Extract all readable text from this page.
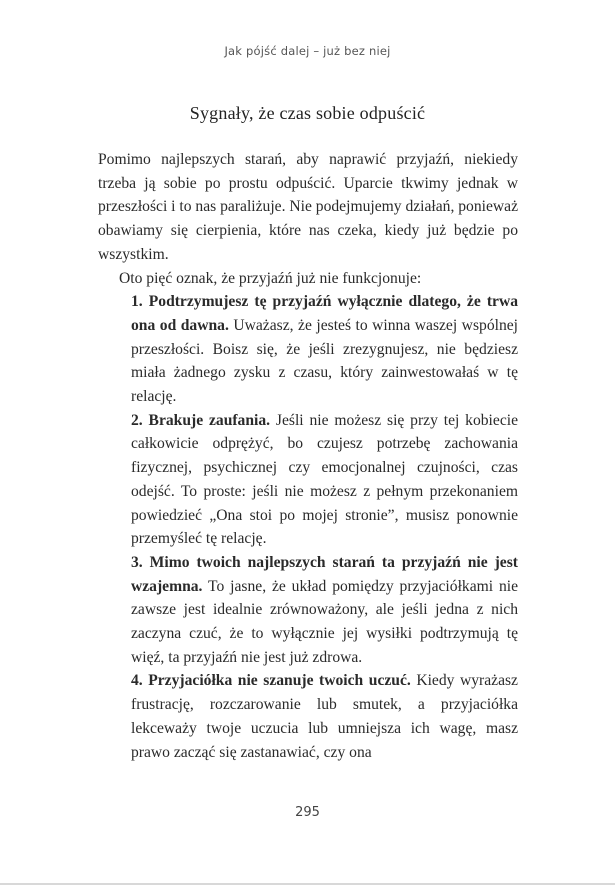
Jak pójść dalej – już bez niej
Sygnały, że czas sobie odpuścić

Pomimo najlepszych starań, aby naprawić przyjaźń, niekiedy trzeba ją sobie po prostu odpuścić. Uparcie tkwimy jednak w przeszłości i to nas paraliżuje. Nie podejmujemy działań, ponieważ obawiamy się cierpienia, które nas czeka, kiedy już będzie po wszystkim.

Oto pięć oznak, że przyjaźń już nie funkcjonuje:

1. Podtrzymujesz tę przyjaźń wyłącznie dlatego, że trwa ona od dawna. Uważasz, że jesteś to winna waszej wspólnej przeszłości. Boisz się, że jeśli zrezygnujesz, nie będziesz miała żadnego zysku z czasu, który zainwestowałaś w tę relację.

2. Brakuje zaufania. Jeśli nie możesz się przy tej kobiecie całkowicie odprężyć, bo czujesz potrzebę zachowania fizycznej, psychicznej czy emocjonalnej czujności, czas odejść. To proste: jeśli nie możesz z pełnym przekonaniem powiedzieć „Ona stoi po mojej stronie”, musisz ponownie przemyśleć tę relację.

3. Mimo twoich najlepszych starań ta przyjaźń nie jest wzajemna. To jasne, że układ pomiędzy przyjaciółkami nie zawsze jest idealnie zrównoważony, ale jeśli jedna z nich zaczyna czuć, że to wyłącznie jej wysiłki podtrzymują tę więź, ta przyjaźń nie jest już zdrowa.

4. Przyjaciółka nie szanuje twoich uczuć. Kiedy wyrażasz frustrację, rozczarowanie lub smutek, a przyjaciółka lekceważy twoje uczucia lub umniejsza ich wagę, masz prawo zacząć się zastanawiać, czy ona

295
